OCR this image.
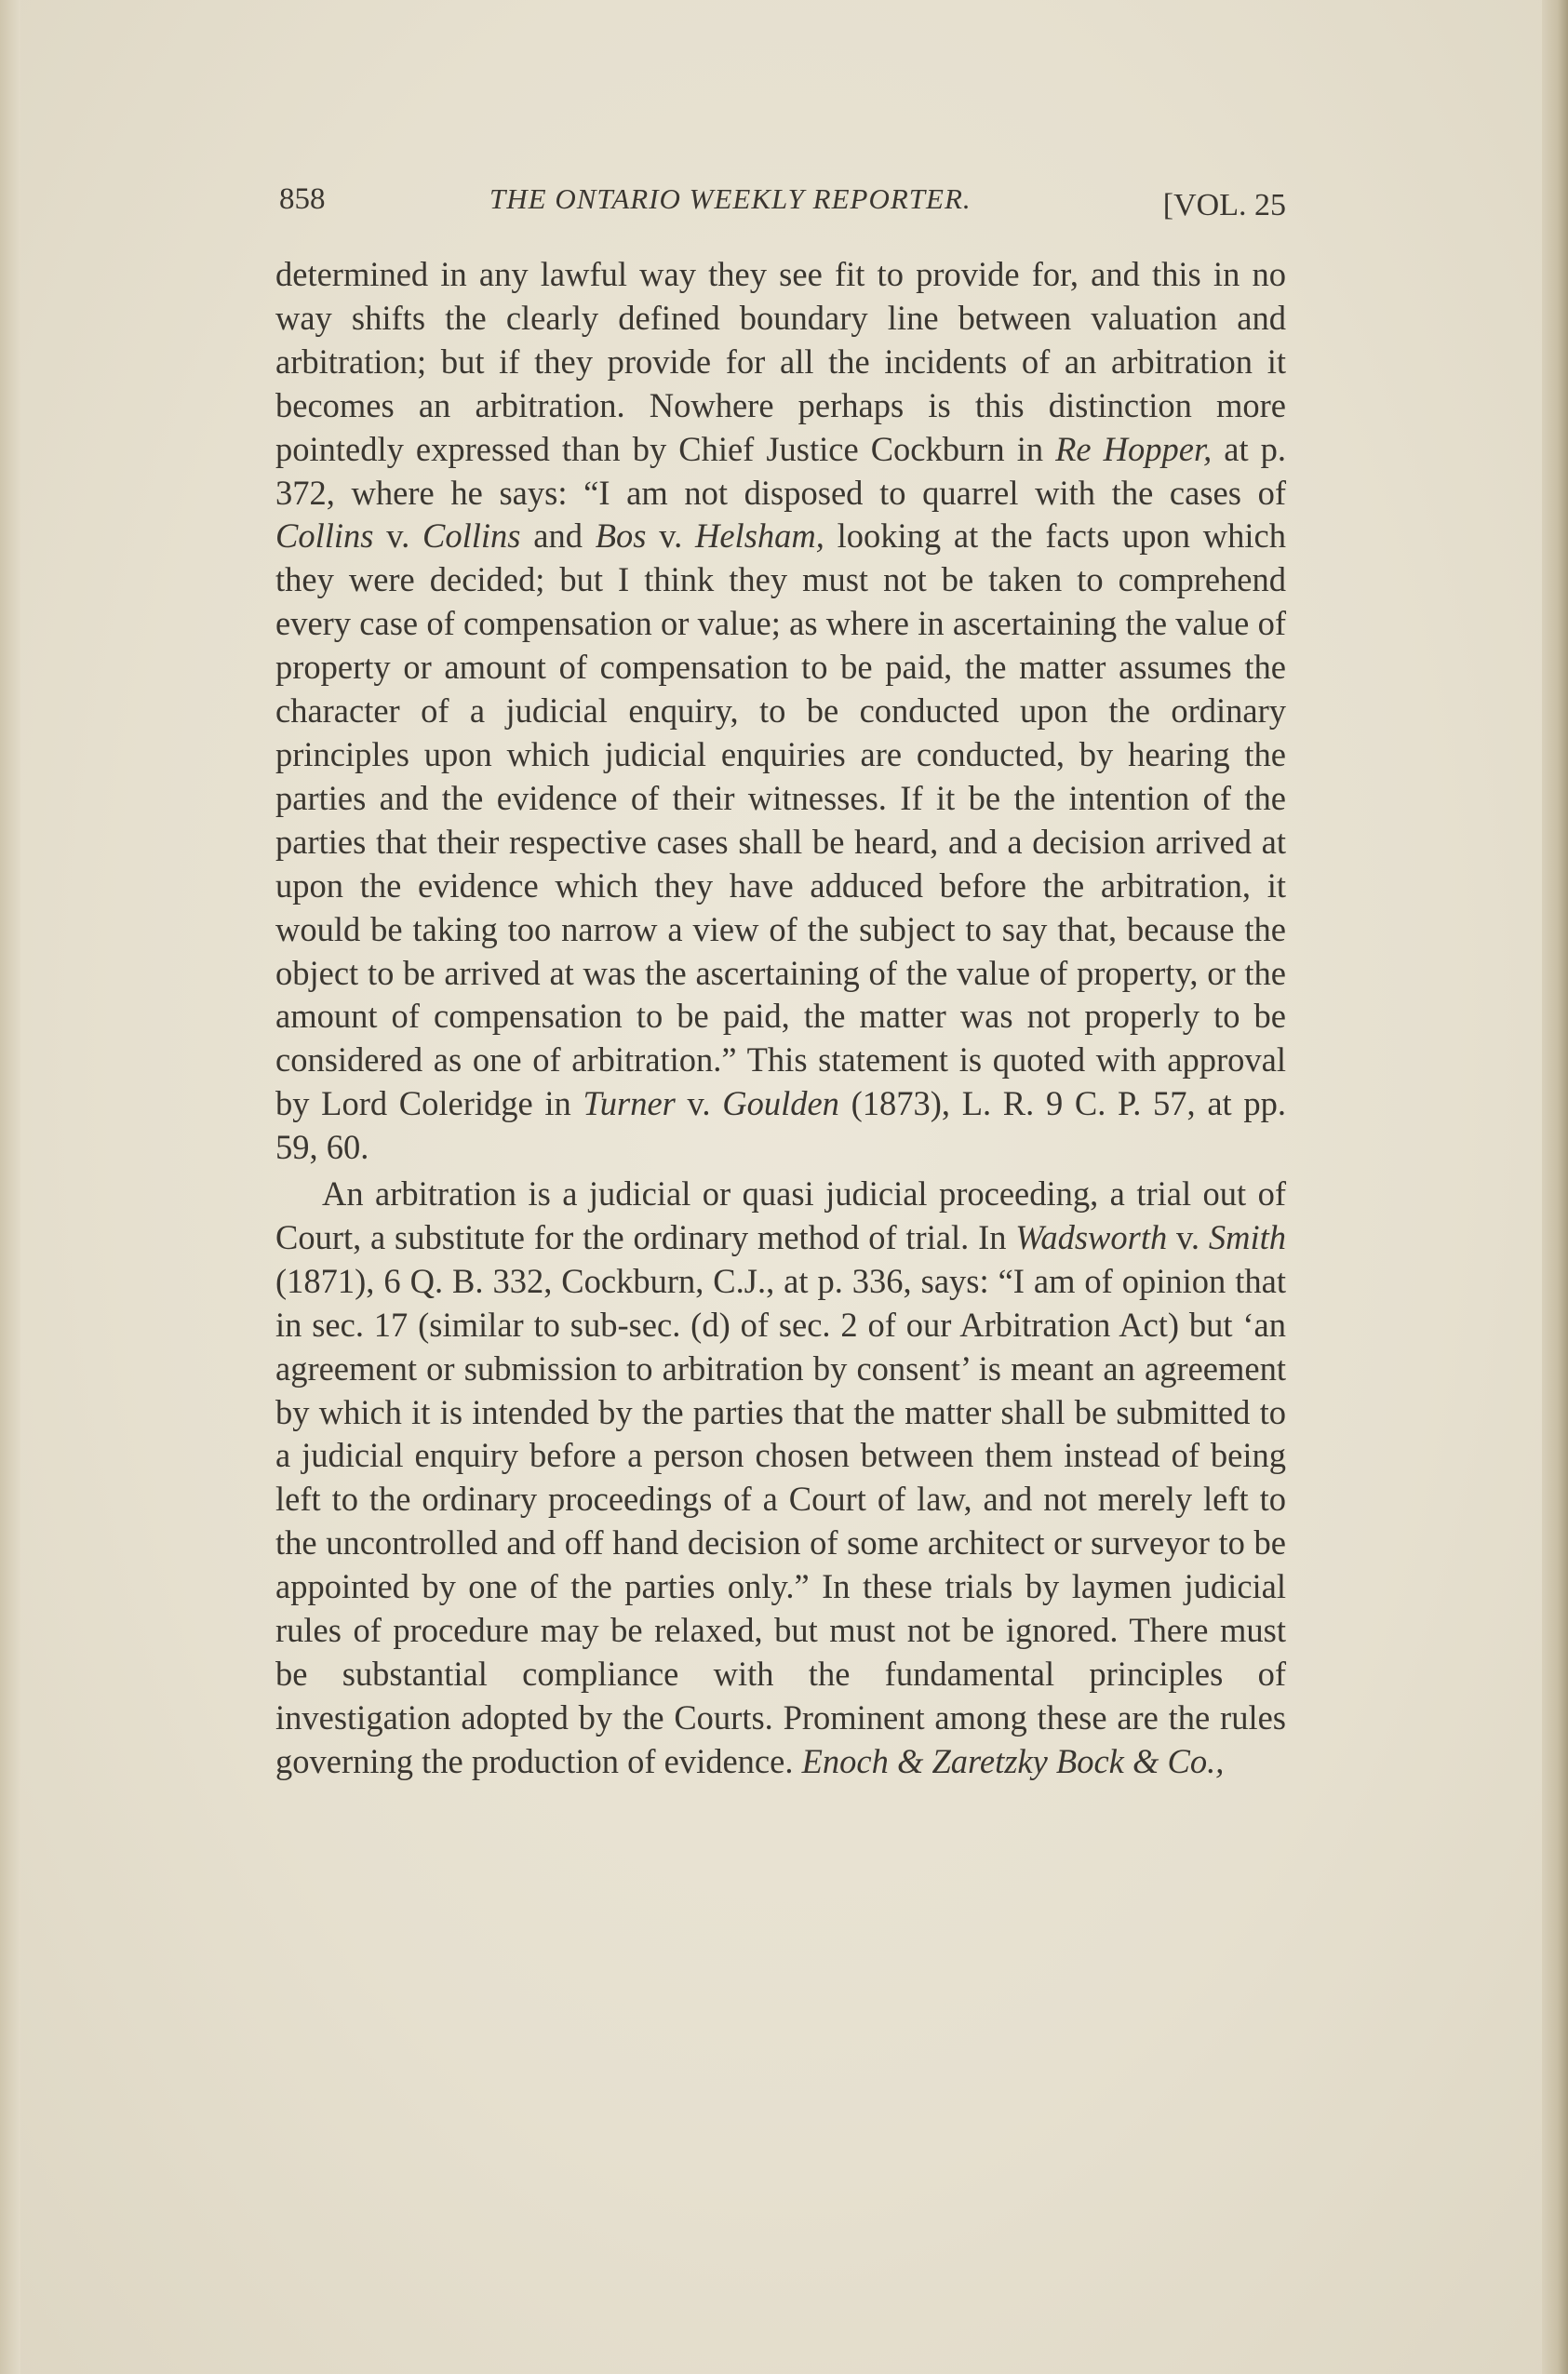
858	THE ONTARIO WEEKLY REPORTER.	[VOL. 25

determined in any lawful way they see fit to provide for, and this in no way shifts the clearly defined boundary line between valuation and arbitration; but if they provide for all the incidents of an arbitration it becomes an arbitration. Nowhere perhaps is this distinction more pointedly expressed than by Chief Justice Cockburn in Re Hopper, at p. 372, where he says: “I am not disposed to quarrel with the cases of Collins v. Collins and Bos v. Helsham, looking at the facts upon which they were decided; but I think they must not be taken to comprehend every case of compensation or value; as where in ascertaining the value of property or amount of compensation to be paid, the matter assumes the character of a judicial enquiry, to be conducted upon the ordinary principles upon which judicial enquiries are conducted, by hearing the parties and the evidence of their witnesses. If it be the intention of the parties that their respective cases shall be heard, and a decision arrived at upon the evidence which they have adduced before the arbitration, it would be taking too narrow a view of the subject to say that, because the object to be arrived at was the ascertaining of the value of property, or the amount of compensation to be paid, the matter was not properly to be considered as one of arbitration.” This statement is quoted with approval by Lord Coleridge in Turner v. Goulden (1873), L. R. 9 C. P. 57, at pp. 59, 60.

An arbitration is a judicial or quasi judicial proceeding, a trial out of Court, a substitute for the ordinary method of trial. In Wadsworth v. Smith (1871), 6 Q. B. 332, Cockburn, C.J., at p. 336, says: “I am of opinion that in sec. 17 (similar to sub-sec. (d) of sec. 2 of our Arbitration Act) but ‘an agreement or submission to arbitration by consent’ is meant an agreement by which it is intended by the parties that the matter shall be submitted to a judicial enquiry before a person chosen between them instead of being left to the ordinary proceedings of a Court of law, and not merely left to the uncontrolled and off hand decision of some architect or surveyor to be appointed by one of the parties only.” In these trials by laymen judicial rules of procedure may be relaxed, but must not be ignored. There must be substantial compliance with the fundamental principles of investigation adopted by the Courts. Prominent among these are the rules governing the production of evidence. Enoch & Zaretzky Bock & Co.,
